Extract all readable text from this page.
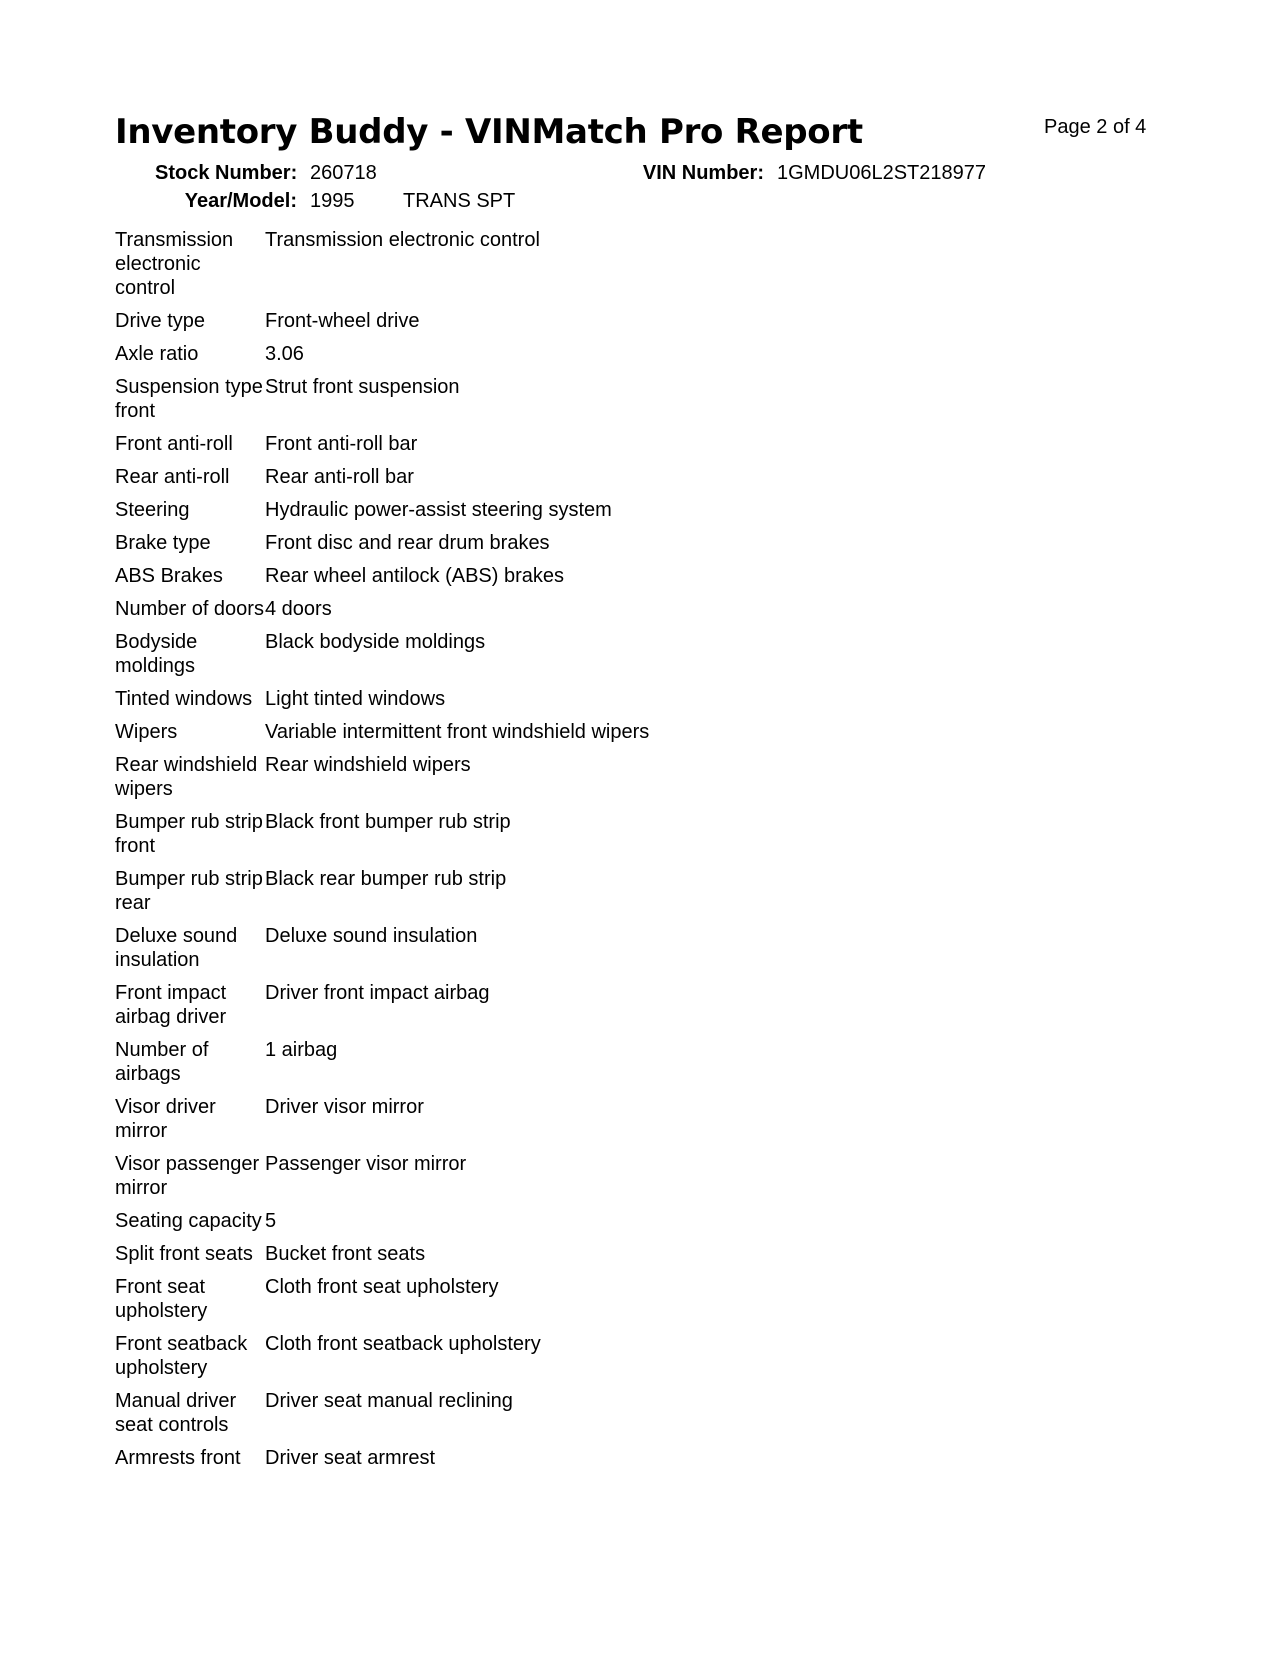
Inventory Buddy - VINMatch Pro Report	Page 2 of 4
Stock Number: 260718
Year/Model: 1995 TRANS SPT
VIN Number: 1GMDU06L2ST218977
Transmission electronic control	Transmission electronic control
Drive type	Front-wheel drive
Axle ratio	3.06
Suspension type front	Strut front suspension
Front anti-roll	Front anti-roll bar
Rear anti-roll	Rear anti-roll bar
Steering	Hydraulic power-assist steering system
Brake type	Front disc and rear drum brakes
ABS Brakes	Rear wheel antilock (ABS) brakes
Number of doors	4 doors
Bodyside moldings	Black bodyside moldings
Tinted windows	Light tinted windows
Wipers	Variable intermittent front windshield wipers
Rear windshield wipers	Rear windshield wipers
Bumper rub strip front	Black front bumper rub strip
Bumper rub strip rear	Black rear bumper rub strip
Deluxe sound insulation	Deluxe sound insulation
Front impact airbag driver	Driver front impact airbag
Number of airbags	1 airbag
Visor driver mirror	Driver visor mirror
Visor passenger mirror	Passenger visor mirror
Seating capacity	5
Split front seats	Bucket front seats
Front seat upholstery	Cloth front seat upholstery
Front seatback upholstery	Cloth front seatback upholstery
Manual driver seat controls	Driver seat manual reclining
Armrests front	Driver seat armrest
